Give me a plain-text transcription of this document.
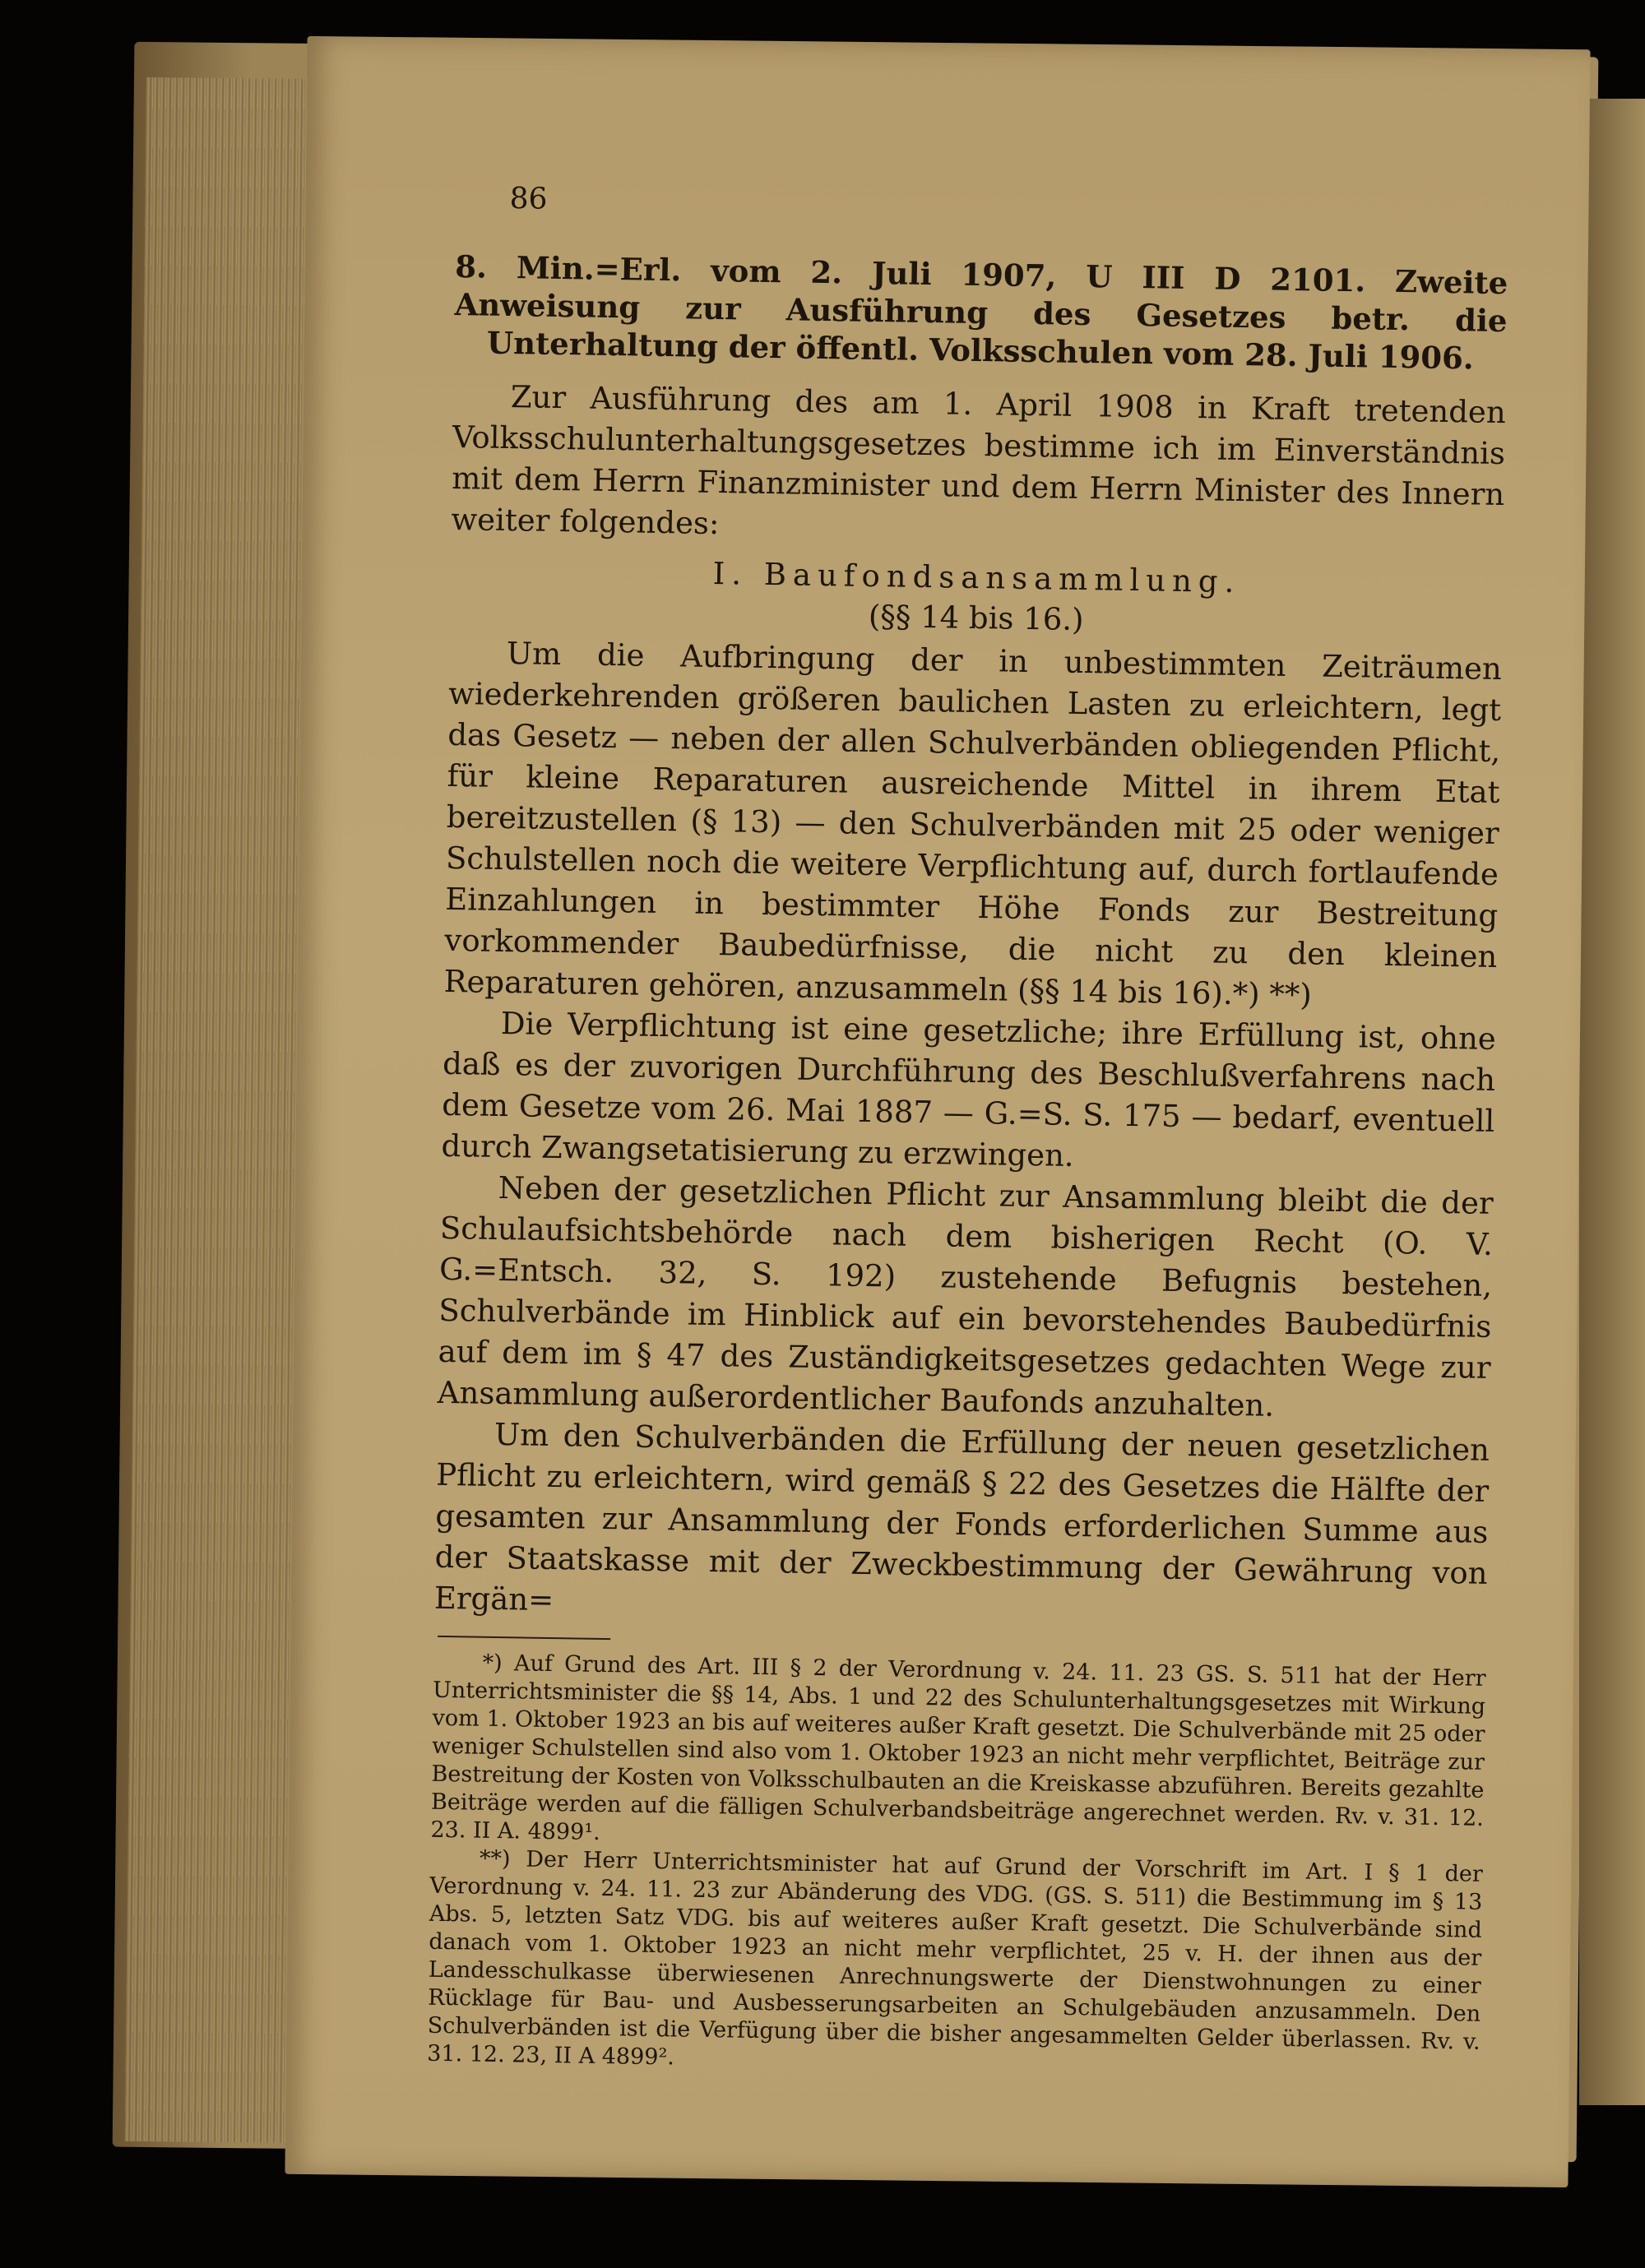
86

8. Min.=Erl. vom 2. Juli 1907, U III D 2101. Zweite Anweisung zur Ausführung des Gesetzes betr. die Unterhaltung der öffentl. Volksschulen vom 28. Juli 1906.

Zur Ausführung des am 1. April 1908 in Kraft tretenden Volksschulunterhaltungsgesetzes bestimme ich im Einverständnis mit dem Herrn Finanzminister und dem Herrn Minister des Innern weiter folgendes:

I. Baufondsansammlung.
(§§ 14 bis 16.)

Um die Aufbringung der in unbestimmten Zeiträumen wiederkehrenden größeren baulichen Lasten zu erleichtern, legt das Gesetz — neben der allen Schulverbänden obliegenden Pflicht, für kleine Reparaturen ausreichende Mittel in ihrem Etat bereitzustellen (§ 13) — den Schulverbänden mit 25 oder weniger Schulstellen noch die weitere Verpflichtung auf, durch fortlaufende Einzahlungen in bestimmter Höhe Fonds zur Bestreitung vorkommender Baubedürfnisse, die nicht zu den kleinen Reparaturen gehören, anzusammeln (§§ 14 bis 16).*) **)

Die Verpflichtung ist eine gesetzliche; ihre Erfüllung ist, ohne daß es der zuvorigen Durchführung des Beschlußverfahrens nach dem Gesetze vom 26. Mai 1887 — G.=S. S. 175 — bedarf, eventuell durch Zwangsetatisierung zu erzwingen.

Neben der gesetzlichen Pflicht zur Ansammlung bleibt die der Schulaufsichtsbehörde nach dem bisherigen Recht (O. V. G.=Entsch. 32, S. 192) zustehende Befugnis bestehen, Schulverbände im Hinblick auf ein bevorstehendes Baubedürfnis auf dem im § 47 des Zuständigkeitsgesetzes gedachten Wege zur Ansammlung außerordentlicher Baufonds anzuhalten.

Um den Schulverbänden die Erfüllung der neuen gesetzlichen Pflicht zu erleichtern, wird gemäß § 22 des Gesetzes die Hälfte der gesamten zur Ansammlung der Fonds erforderlichen Summe aus der Staatskasse mit der Zweckbestimmung der Gewährung von Ergän=

*) Auf Grund des Art. III § 2 der Verordnung v. 24. 11. 23 GS. S. 511 hat der Herr Unterrichtsminister die §§ 14, Abs. 1 und 22 des Schulunterhaltungsgesetzes mit Wirkung vom 1. Oktober 1923 an bis auf weiteres außer Kraft gesetzt. Die Schulverbände mit 25 oder weniger Schulstellen sind also vom 1. Oktober 1923 an nicht mehr verpflichtet, Beiträge zur Bestreitung der Kosten von Volksschulbauten an die Kreiskasse abzuführen. Bereits gezahlte Beiträge werden auf die fälligen Schulverbandsbeiträge angerechnet werden. Rv. v. 31. 12. 23. II A. 4899¹.

**) Der Herr Unterrichtsminister hat auf Grund der Vorschrift im Art. I § 1 der Verordnung v. 24. 11. 23 zur Abänderung des VDG. (GS. S. 511) die Bestimmung im § 13 Abs. 5, letzten Satz VDG. bis auf weiteres außer Kraft gesetzt. Die Schulverbände sind danach vom 1. Oktober 1923 an nicht mehr verpflichtet, 25 v. H. der ihnen aus der Landesschulkasse überwiesenen Anrechnungswerte der Dienstwohnungen zu einer Rücklage für Bau- und Ausbesserungsarbeiten an Schulgebäuden anzusammeln. Den Schulverbänden ist die Verfügung über die bisher angesammelten Gelder überlassen. Rv. v. 31. 12. 23, II A 4899².
